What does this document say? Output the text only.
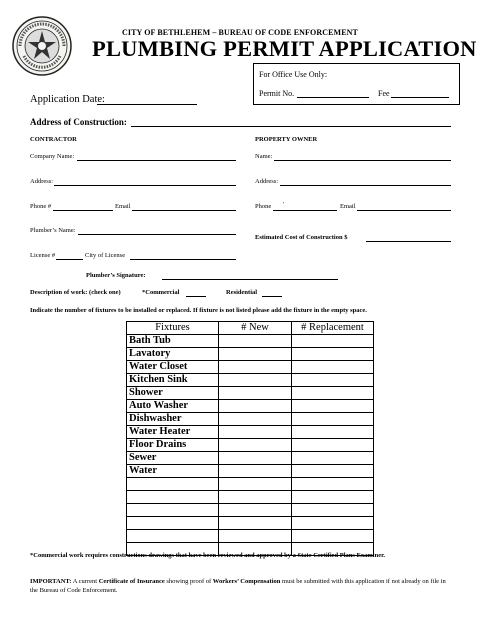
CITY OF BETHLEHEM – BUREAU OF CODE ENFORCEMENT
PLUMBING PERMIT APPLICATION
For Office Use Only:
Permit No.	Fee
Application Date:
Address of Construction:
CONTRACTOR	PROPERTY OWNER
Company Name:
Address:
Phone #	Email
Plumber’s Name:
License #	City of License
Name:
Address:
Phone '	Email
Estimated Cost of Construction $
Plumber’s Signature:
Description of work: (check one)	*Commercial	Residential
Indicate the number of fixtures to be installed or replaced. If fixture is not listed please add the fixture in the empty space.
Fixtures	# New	# Replacement
Bath Tub		
Lavatory		
Water Closet		
Kitchen Sink		
Shower		
Auto Washer		
Dishwasher		
Water Heater		
Floor Drains		
Sewer		
Water		

*Commercial work requires constructions drawings that have been reviewed and approved by a State Certified Plans Examiner.
IMPORTANT: A current Certificate of Insurance showing proof of Workers’ Compensation must be submitted with this application if not already on file in the Bureau of Code Enforcement.
